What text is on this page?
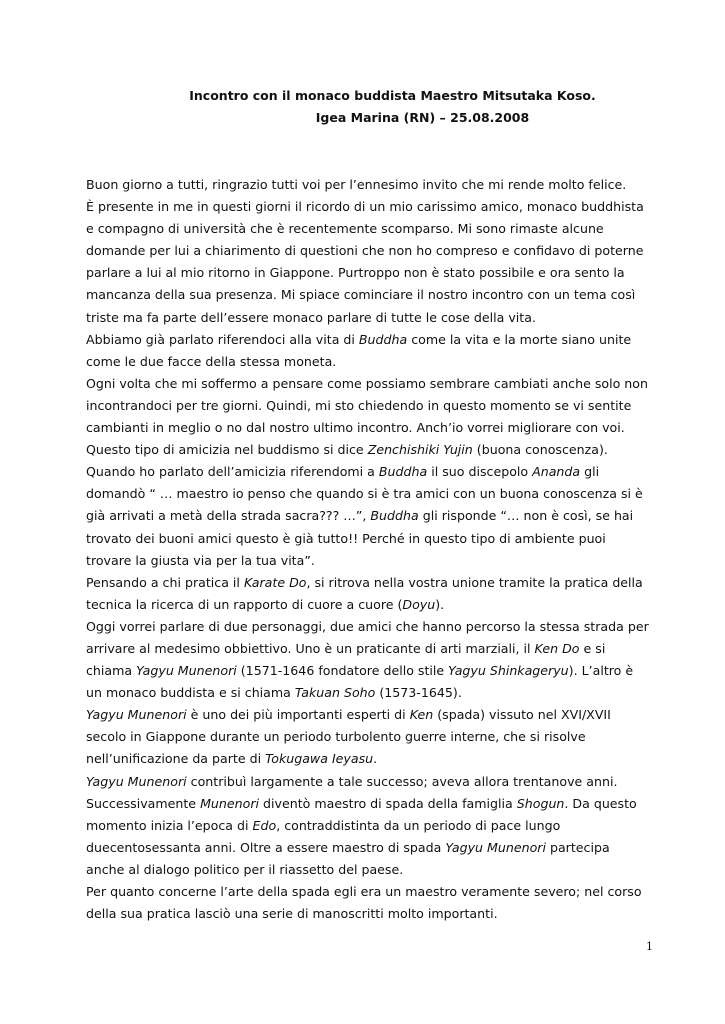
Incontro con il monaco buddista Maestro Mitsutaka Koso.
Igea Marina (RN) – 25.08.2008

Buon giorno a tutti, ringrazio tutti voi per l’ennesimo invito che mi rende molto felice.

È presente in me in questi giorni il ricordo di un mio carissimo amico, monaco buddhista e compagno di università che è recentemente scomparso. Mi sono rimaste alcune domande per lui a chiarimento di questioni che non ho compreso e confidavo di poterne parlare a lui al mio ritorno in Giappone. Purtroppo non è stato possibile e ora sento la mancanza della sua presenza. Mi spiace cominciare il nostro incontro con un tema così triste ma fa parte dell’essere monaco parlare di tutte le cose della vita.

Abbiamo già parlato riferendoci alla vita di Buddha come la vita e la morte siano unite come le due facce della stessa moneta.

Ogni volta che mi soffermo a pensare come possiamo sembrare cambiati anche solo non incontrandoci per tre giorni. Quindi, mi sto chiedendo in questo momento se vi sentite cambianti in meglio o no dal nostro ultimo incontro. Anch’io vorrei migliorare con voi.

Questo tipo di amicizia nel buddismo si dice Zenchishiki Yujin (buona conoscenza).

Quando ho parlato dell’amicizia riferendomi a Buddha il suo discepolo Ananda gli domandò “ … maestro io penso che quando si è tra amici con un buona conoscenza si è già arrivati a metà della strada sacra??? …”, Buddha gli risponde “… non è così, se hai trovato dei buoni amici questo è già tutto!! Perché in questo tipo di ambiente puoi trovare la giusta via per la tua vita”.

Pensando a chi pratica il Karate Do, si ritrova nella vostra unione tramite la pratica della tecnica la ricerca di un rapporto di cuore a cuore (Doyu).

Oggi vorrei parlare di due personaggi, due amici che hanno percorso la stessa strada per arrivare al medesimo obbiettivo. Uno è un praticante di arti marziali, il Ken Do e si chiama Yagyu Munenori (1571-1646 fondatore dello stile Yagyu Shinkageryu). L’altro è un monaco buddista e si chiama Takuan Soho (1573-1645).

Yagyu Munenori è uno dei più importanti esperti di Ken (spada) vissuto nel XVI/XVII secolo in Giappone durante un periodo turbolento guerre interne, che si risolve nell’unificazione da parte di Tokugawa Ieyasu.

Yagyu Munenori contribuì largamente a tale successo; aveva allora trentanove anni.

Successivamente Munenori diventò maestro di spada della famiglia Shogun. Da questo momento inizia l’epoca di Edo, contraddistinta da un periodo di pace lungo duecentosessanta anni. Oltre a essere maestro di spada Yagyu Munenori partecipa anche al dialogo politico per il riassetto del paese.

Per quanto concerne l’arte della spada egli era un maestro veramente severo; nel corso della sua pratica lasciò una serie di manoscritti molto importanti.

1
